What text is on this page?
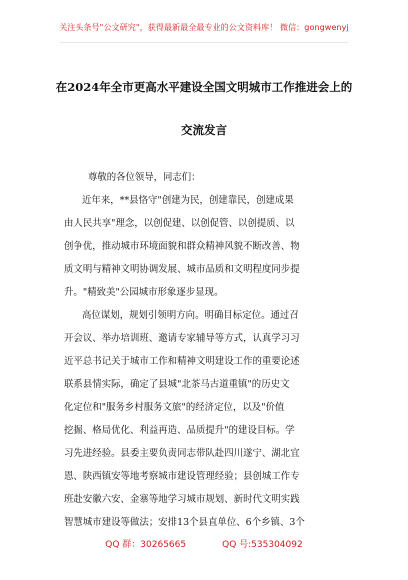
关注头条号"公文研究"，获得最新最全最专业的公文资料库！ 微信：gongwenyj
在2024年全市更高水平建设全国文明城市工作推进会上的
交流发言
尊敬的各位领导，同志们：
近年来，**县恪守"创建为民，创建靠民，创建成果
由人民共享"理念，以创促建、以创促管、以创提质、以
创争优，推动城市环境面貌和群众精神风貌不断改善、物
质文明与精神文明协调发展、城市品质和文明程度同步提
升。"精致美"公园城市形象逐步显现。
高位谋划，规划引领明方向。明确目标定位。通过召
开会议、举办培训班、邀请专家辅导等方式，认真学习习
近平总书记关于城市工作和精神文明建设工作的重要论述
联系县情实际，确定了县城"北茶马古道重镇"的历史文
化定位和"服务乡村服务文旅"的经济定位，以及"价值
挖掘、格局优化、利益再造、品质提升"的建设目标。学
习先进经验。县委主要负责同志带队赴四川遂宁、湖北宜
恩、陕西镇安等地考察城市建设管理经验；县创城工作专
班赴安徽六安、金寨等地学习城市规划、新时代文明实践
智慧城市建设等做法；安排13个县直单位、6个乡镇、3个
QQ 群：30265665	QQ 号:535304092
